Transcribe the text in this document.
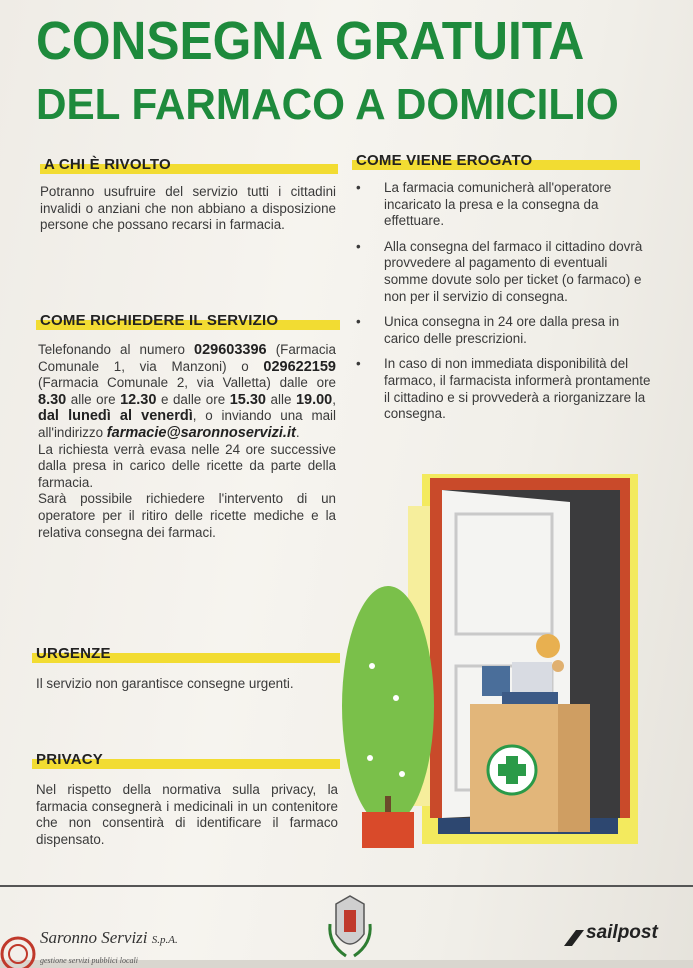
CONSEGNA GRATUITA
DEL FARMACO A DOMICILIO
A CHI È RIVOLTO
Potranno usufruire del servizio tutti i cittadini invalidi o anziani che non abbiano a disposizione persone che possano recarsi in farmacia.
COME RICHIEDERE IL SERVIZIO
Telefonando al numero 029603396 (Farmacia Comunale 1, via Manzoni) o 029622159 (Farmacia Comunale 2, via Valletta) dalle ore 8.30 alle ore 12.30 e dalle ore 15.30 alle 19.00, dal lunedì al venerdì, o inviando una mail all'indirizzo farmacie@saronnoservizi.it.
La richiesta verrà evasa nelle 24 ore successive dalla presa in carico delle ricette da parte della farmacia.
Sarà possibile richiedere l'intervento di un operatore per il ritiro delle ricette mediche e la relativa consegna dei farmaci.
URGENZE
Il servizio non garantisce consegne urgenti.
PRIVACY
Nel rispetto della normativa sulla privacy, la farmacia consegnerà i medicinali in un contenitore che non consentirà di identificare il farmaco dispensato.
COME VIENE EROGATO
• La farmacia comunicherà all'operatore incaricato la presa e la consegna da effettuare.
• Alla consegna del farmaco il cittadino dovrà provvedere al pagamento di eventuali somme dovute solo per ticket (o farmaco) e non per il servizio di consegna.
• Unica consegna in 24 ore dalla presa in carico delle prescrizioni.
• In caso di non immediata disponibilità del farmaco, il farmacista informerà prontamente il cittadino e si provvederà a riorganizzare la consegna.
Saronno Servizi S.p.A.
gestione servizi pubblici locali
sailpost
